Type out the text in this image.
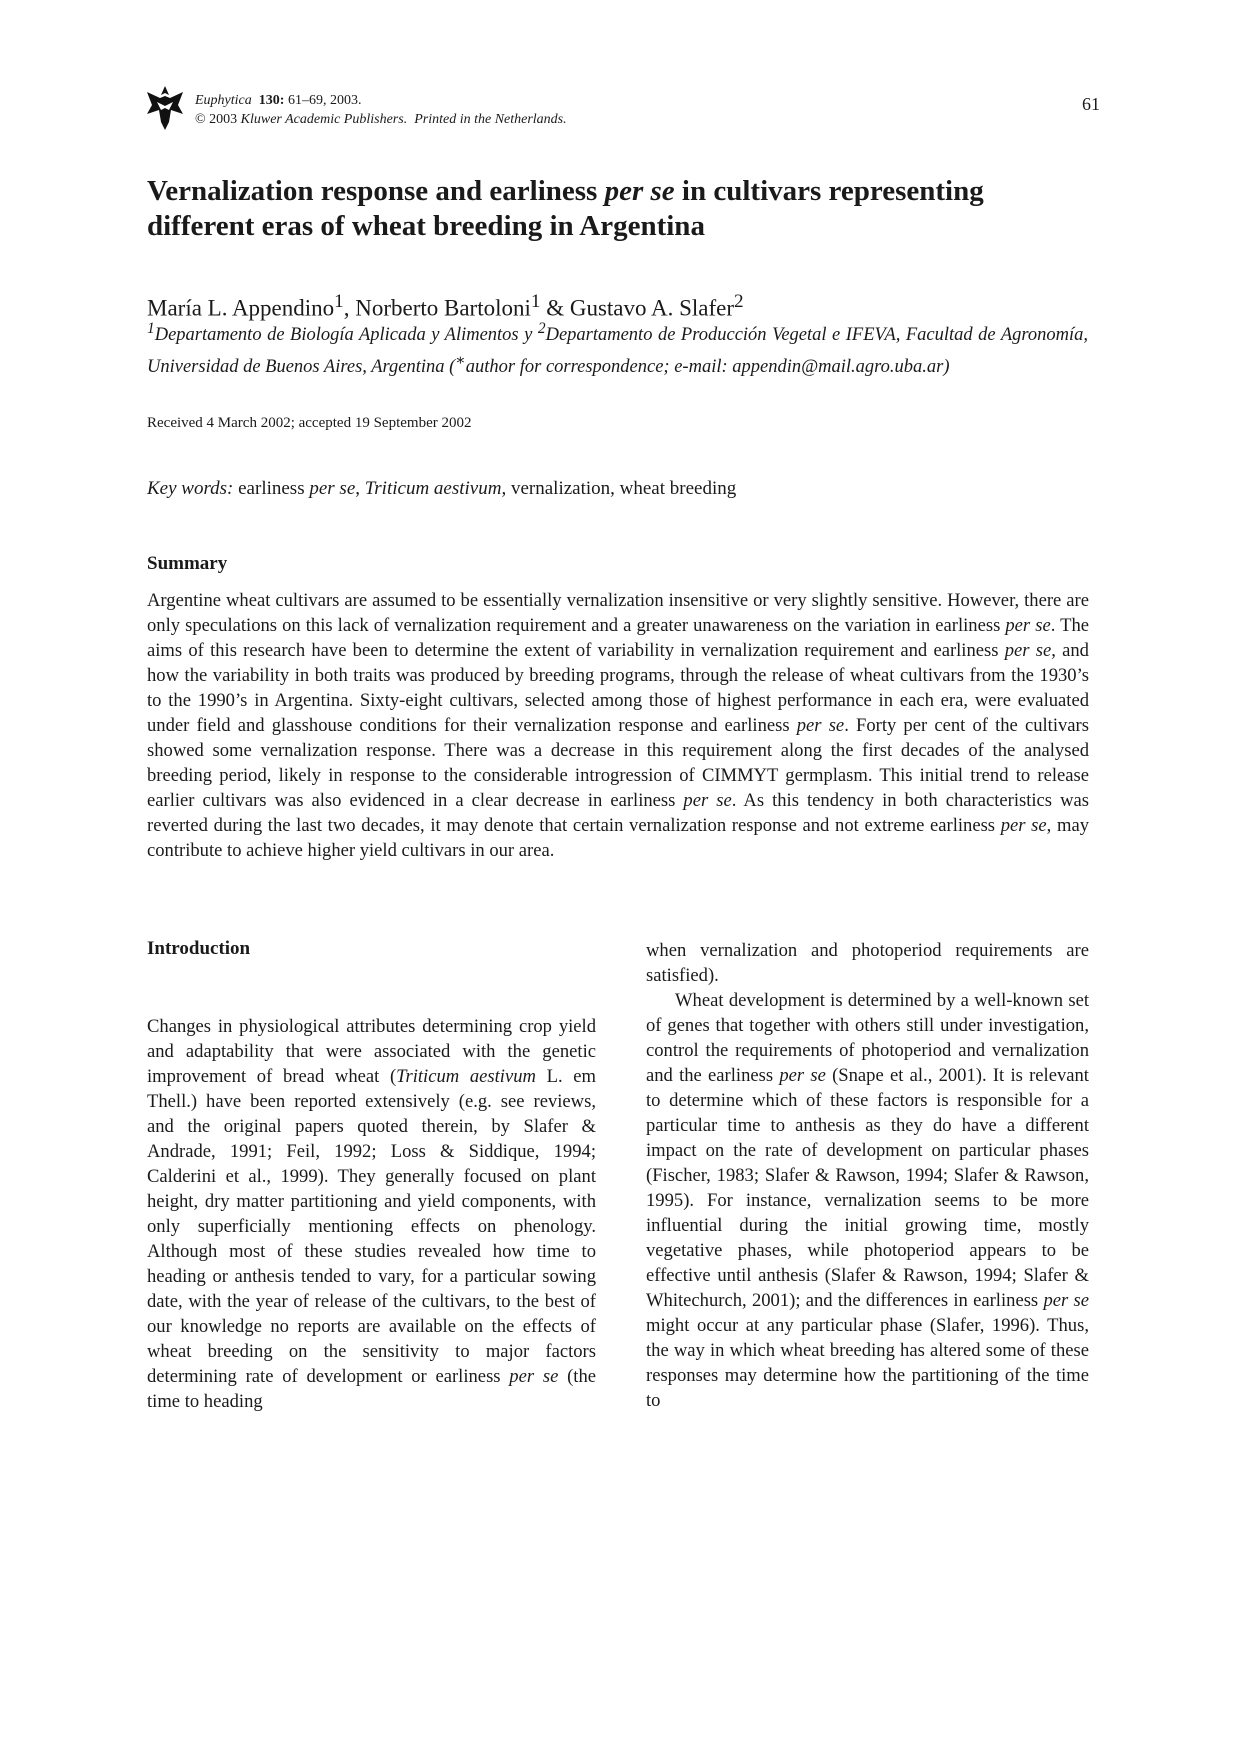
Euphytica 130: 61–69, 2003.
© 2003 Kluwer Academic Publishers. Printed in the Netherlands.
61
Vernalization response and earliness per se in cultivars representing different eras of wheat breeding in Argentina
María L. Appendino$^1$, Norberto Bartoloni$^1$ & Gustavo A. Slafer$^2$
$^1$Departamento de Biología Aplicada y Alimentos y $^2$Departamento de Producción Vegetal e IFEVA, Facultad de Agronomía, Universidad de Buenos Aires, Argentina (∗author for correspondence; e-mail: appendin@mail.agro.uba.ar)
Received 4 March 2002; accepted 19 September 2002
Key words: earliness per se, Triticum aestivum, vernalization, wheat breeding
Summary

Argentine wheat cultivars are assumed to be essentially vernalization insensitive or very slightly sensitive. However, there are only speculations on this lack of vernalization requirement and a greater unawareness on the variation in earliness per se. The aims of this research have been to determine the extent of variability in vernalization requirement and earliness per se, and how the variability in both traits was produced by breeding programs, through the release of wheat cultivars from the 1930’s to the 1990’s in Argentina. Sixty-eight cultivars, selected among those of highest performance in each era, were evaluated under field and glasshouse conditions for their vernalization response and earliness per se. Forty per cent of the cultivars showed some vernalization response. There was a decrease in this requirement along the first decades of the analysed breeding period, likely in response to the considerable introgression of CIMMYT germplasm. This initial trend to release earlier cultivars was also evidenced in a clear decrease in earliness per se. As this tendency in both characteristics was reverted during the last two decades, it may denote that certain vernalization response and not extreme earliness per se, may contribute to achieve higher yield cultivars in our area.

Introduction

Changes in physiological attributes determining crop yield and adaptability that were associated with the genetic improvement of bread wheat (Triticum aestivum L. em Thell.) have been reported extensively (e.g. see reviews, and the original papers quoted therein, by Slafer & Andrade, 1991; Feil, 1992; Loss & Siddique, 1994; Calderini et al., 1999). They generally focused on plant height, dry matter partitioning and yield components, with only superficially mentioning effects on phenology. Although most of these studies revealed how time to heading or anthesis tended to vary, for a particular sowing date, with the year of release of the cultivars, to the best of our knowledge no reports are available on the effects of wheat breeding on the sensitivity to major factors determining rate of development or earliness per se (the time to heading

when vernalization and photoperiod requirements are satisfied).

Wheat development is determined by a well-known set of genes that together with others still under investigation, control the requirements of photoperiod and vernalization and the earliness per se (Snape et al., 2001). It is relevant to determine which of these factors is responsible for a particular time to anthesis as they do have a different impact on the rate of development on particular phases (Fischer, 1983; Slafer & Rawson, 1994; Slafer & Rawson, 1995). For instance, vernalization seems to be more influential during the initial growing time, mostly vegetative phases, while photoperiod appears to be effective until anthesis (Slafer & Rawson, 1994; Slafer & Whitechurch, 2001); and the differences in earliness per se might occur at any particular phase (Slafer, 1996). Thus, the way in which wheat breeding has altered some of these responses may determine how the partitioning of the time to
